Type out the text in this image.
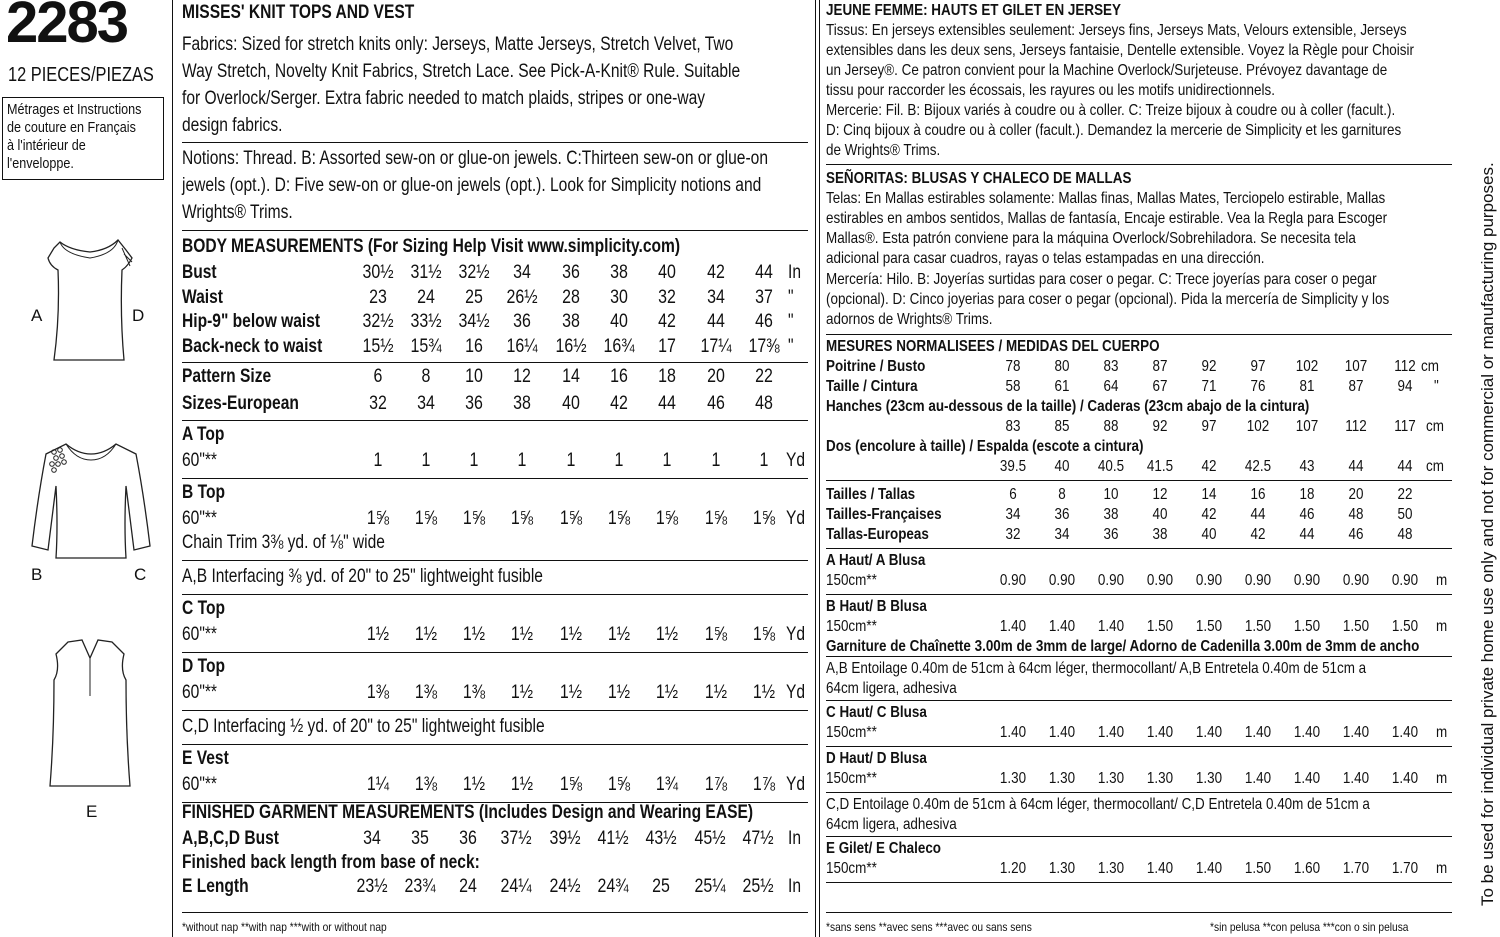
2283
12 PIECES/PIEZAS
Métrages et Instructions
de couture en Français
à l'intérieur de
l'enveloppe.
A	D
B	C
E
MISSES' KNIT TOPS AND VEST
Fabrics: Sized for stretch knits only: Jerseys, Matte Jerseys, Stretch Velvet, Two
Way Stretch, Novelty Knit Fabrics, Stretch Lace. See Pick-A-Knit® Rule. Suitable
for Overlock/Serger. Extra fabric needed to match plaids, stripes or one-way
design fabrics.
Notions: Thread. B: Assorted sew-on or glue-on jewels. C:Thirteen sew-on or glue-on
jewels (opt.). D: Five sew-on or glue-on jewels (opt.). Look for Simplicity notions and
Wrights® Trims.
BODY MEASUREMENTS (For Sizing Help Visit www.simplicity.com)
Bust	30½ 31½ 32½	34	36	38	40	42	44 In
Waist	23	24	25	26½	28	30	32	34	37 "
Hip-9" below waist 32½ 33½ 34½	36	38	40	42	44	46 "
Back-neck to waist 15½ 15¾	16	16¼ 16½ 16¾	17	17¼ 17⅜ "
Pattern Size	6	8	10	12	14	16	18	20	22
Sizes-European	32	34	36	38	40	42	44	46	48
A Top
60"**	1	1	1	1	1	1	1	1	1 Yd
B Top
60"**	1⅝	1⅝	1⅝	1⅝	1⅝	1⅝	1⅝	1⅝	1⅝ Yd
Chain Trim 3⅜ yd. of ⅛" wide
A,B Interfacing ⅜ yd. of 20" to 25" lightweight fusible
C Top
60"**	1½	1½	1½	1½	1½	1½	1½	1⅝	1⅝ Yd
D Top
60"**	1⅜	1⅜	1⅜	1½	1½	1½	1½	1½	1½ Yd
C,D Interfacing ½ yd. of 20" to 25" lightweight fusible
E Vest
60"**	1¼	1⅜	1½	1½	1⅝	1⅝	1¾	1⅞	1⅞ Yd
FINISHED GARMENT MEASUREMENTS (Includes Design and Wearing EASE)
A,B,C,D Bust	34	35	36	37½ 39½ 41½ 43½ 45½ 47½ In
Finished back length from base of neck:
E Length	23½ 23¾	24	24¼ 24½ 24¾	25	25¼ 25½ In
*without nap **with nap ***with or without nap
JEUNE FEMME: HAUTS ET GILET EN JERSEY
Tissus: En jerseys extensibles seulement: Jerseys fins, Jerseys Mats, Velours extensible, Jerseys
extensibles dans les deux sens, Jerseys fantaisie, Dentelle extensible. Voyez la Règle pour Choisir
un Jersey®. Ce patron convient pour la Machine Overlock/Surjeteuse. Prévoyez davantage de
tissu pour raccorder les écossais, les rayures ou les motifs unidirectionnels.
Mercerie: Fil. B: Bijoux variés à coudre ou à coller. C: Treize bijoux à coudre ou à coller (facult.).
D: Cinq bijoux à coudre ou à coller (facult.). Demandez la mercerie de Simplicity et les garnitures
de Wrights® Trims.
SEÑORITAS: BLUSAS Y CHALECO DE MALLAS
Telas: En Mallas estirables solamente: Mallas finas, Mallas Mates, Terciopelo estirable, Mallas
estirables en ambos sentidos, Mallas de fantasía, Encaje estirable. Vea la Regla para Escoger
Mallas®. Esta patrón conviene para la máquina Overlock/Sobrehiladora. Se necesita tela
adicional para casar cuadros, rayas o telas estampadas en una dirección.
Mercería: Hilo. B: Joyerías surtidas para coser o pegar. C: Trece joyerías para coser o pegar
(opcional). D: Cinco joyerias para coser o pegar (opcional). Pida la mercería de Simplicity y los
adornos de Wrights® Trims.
MESURES NORMALISEES / MEDIDAS DEL CUERPO
Poitrine / Busto	78	80	83	87	92	97	102	107	112 cm
Taille / Cintura	58	61	64	67	71	76	81	87	94	"
Hanches (23cm au-dessous de la taille) / Caderas (23cm abajo de la cintura)
83	85	88	92	97	102	107	112	117 cm
Dos (encolure à taille) / Espalda (escote a cintura)
39.5	40	40.5	41.5	42	42.5	43	44	44 cm
Tailles / Tallas	6	8	10	12	14	16	18	20	22
Tailles-Françaises	34	36	38	40	42	44	46	48	50
Tallas-Europeas	32	34	36	38	40	42	44	46	48
A Haut/ A Blusa
150cm**	0.90	0.90	0.90	0.90	0.90	0.90	0.90	0.90	0.90	m
B Haut/ B Blusa
150cm**	1.40	1.40	1.40	1.50	1.50	1.50	1.50	1.50	1.50	m
Garniture de Chaînette 3.00m de 3mm de large/ Adorno de Cadenilla 3.00m de 3mm de ancho
A,B Entoilage 0.40m de 51cm à 64cm léger, thermocollant/ A,B Entretela 0.40m de 51cm a
64cm ligera, adhesiva
C Haut/ C Blusa
150cm**	1.40	1.40	1.40	1.40	1.40	1.40	1.40	1.40	1.40	m
D Haut/ D Blusa
150cm**	1.30	1.30	1.30	1.30	1.30	1.40	1.40	1.40	1.40	m
C,D Entoilage 0.40m de 51cm à 64cm léger, thermocollant/ C,D Entretela 0.40m de 51cm a
64cm ligera, adhesiva
E Gilet/ E Chaleco
150cm**	1.20	1.30	1.30	1.40	1.40	1.50	1.60	1.70	1.70	m
*sans sens **avec sens ***avec ou sans sens	*sin pelusa **con pelusa ***con o sin pelusa
To be used for individual private home use only and not for commercial or manufacturing purposes.
